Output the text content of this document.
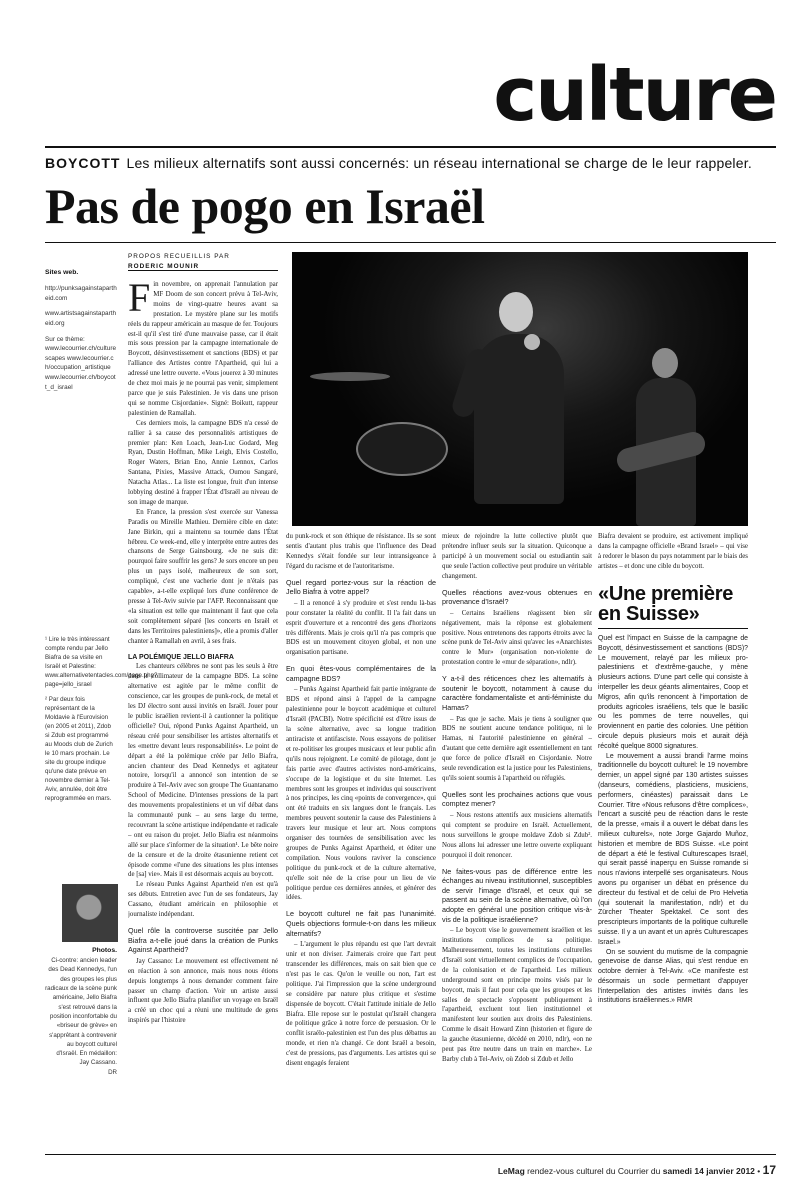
culture
BOYCOTT Les milieux alternatifs sont aussi concernés: un réseau international se charge de le leur rappeler.
Pas de pogo en Israël

Sites web.

http://punksagainstapartheid.com

www.artistsagainstapartheid.org

Sur ce thème:

www.lecourrier.ch/culturescapes www.lecourrier.ch/occupation_artistique www.lecourrier.ch/boycott_d_israel

¹ Lire le très intéressant compte rendu par Jello Biafra de sa visite en Israël et Palestine: www.alternativetentacles.com/page.php?page=jello_israel

² Par deux fois représentant de la Moldavie à l'Eurovision (en 2005 et 2011), Zdob si Zdub est programmé au Moods club de Zurich le 10 mars prochain. Le site du groupe indique qu'une date prévue en novembre dernier à Tel-Aviv, annulée, doit être reprogrammée en mars.

Photos.
Ci-contre: ancien leader des Dead Kennedys, l'un des groupes les plus radicaux de la scène punk américaine, Jello Biafra s'est retrouvé dans la position inconfortable du «briseur de grève» en s'apprêtant à contrevenir au boycott culturel d'Israël. En médaillon: Jay Cassano.
DR
PROPOS RECUEILLIS PAR
RODERIC MOUNIR

Fin novembre, on apprenait l'annulation par MF Doom de son concert prévu à Tel-Aviv, moins de vingt-quatre heures avant sa prestation. Le mystère plane sur les motifs réels du rappeur américain au masque de fer. Toujours est-il qu'il s'est tiré d'une mauvaise passe, car il était mis sous pression par la campagne internationale de Boycott, désinvestissement et sanctions (BDS) et par l'alliance des Artistes contre l'Apartheid, qui lui a adressé une lettre ouverte. «Vous jouerez à 30 minutes de chez moi mais je ne pourrai pas venir, simplement parce que je suis Palestinien. Je vis dans une prison qui se nomme Cisjordanie». Signé: Boikutt, rappeur palestinien de Ramallah.

Ces derniers mois, la campagne BDS n'a cessé de rallier à sa cause des personnalités artistiques de premier plan: Ken Loach, Jean-Luc Godard, Meg Ryan, Dustin Hoffman, Mike Leigh, Elvis Costello, Roger Waters, Brian Eno, Annie Lennox, Carlos Santana, Pixies, Massive Attack, Oumou Sangaré, Natacha Atlas... La liste est longue, fruit d'un intense lobbying destiné à frapper l'État d'Israël au niveau de son image de marque.

En France, la pression s'est exercée sur Vanessa Paradis ou Mireille Mathieu. Dernière cible en date: Jane Birkin, qui a maintenu sa tournée dans l'État hébreu. Ce week-end, elle y interprète entre autres des chansons de Serge Gainsbourg. «Je ne suis dit: pourquoi faire souffrir les gens? Je sors encore un peu plus un pays isolé, malheureux de son sort, compliqué, c'est une vacherie dont je n'étais pas capable», a-t-elle expliqué lors d'une conférence de presse à Tel-Aviv suivie par l'AFP. Reconnaissant que «la situation est telle que maintenant il faut que cela soit complètement séparé [les concerts en Israël et dans les Territoires palestiniens]», elle a promis d'aller chanter à Ramallah en avril, à ses frais.

LA POLÉMIQUE JELLO BIAFRA

Les chanteurs célèbres ne sont pas les seuls à être dans le collimateur de la campagne BDS. La scène alternative est agitée par le même conflit de conscience, car les groupes de punk-rock, de metal et les DJ électro sont aussi invités en Israël. Jouer pour le public israélien revient-il à cautionner la politique officielle? Oui, répond Punks Against Apartheid, un réseau créé pour sensibiliser les artistes alternatifs et les «mettre devant leurs responsabilités». Le point de départ a été la polémique créée par Jello Biafra, ancien chanteur des Dead Kennedys et agitateur notoire, lorsqu'il a annoncé son intention de se produire à Tel-Aviv avec son groupe The Guantanamo School of Medicine. D'intenses pressions de la part des mouvements propalestiniens et un vif débat dans la communauté punk – au sens large du terme, recouvrant la scène artistique indépendante et radicale – ont eu raison du projet. Jello Biafra est néanmoins allé sur place s'informer de la situation¹. Le bête noire de la censure et de la droite étasunienne retient cet épisode comme «l'une des situations les plus intenses de [sa] vie». Mais il est désormais acquis au boycott.

Le réseau Punks Against Apartheid n'en est qu'à ses débuts. Entretien avec l'un de ses fondateurs, Jay Cassano, étudiant américain en philosophie et journaliste indépendant.

Quel rôle la controverse suscitée par Jello Biafra a-t-elle joué dans la création de Punks Against Apartheid?

Jay Cassano: Le mouvement est effectivement né en réaction à son annonce, mais nous nous étions depuis longtemps à nous demander comment faire passer un champ d'action. Voir un artiste aussi influent que Jello Biafra planifier un voyage en Israël a créé un choc qui a réuni une multitude de gens inspirés par l'histoire

du punk-rock et son éthique de résistance. Ils se sont sentis d'autant plus trahis que l'influence des Dead Kennedys s'était fondée sur leur intransigeance à l'égard du racisme et de l'autoritarisme.

Quel regard portez-vous sur la réaction de Jello Biafra à votre appel?

– Il a renoncé à s'y produire et s'est rendu là-bas pour constater la réalité du conflit. Il l'a fait dans un esprit d'ouverture et a rencontré des gens d'horizons très différents. Mais je crois qu'il n'a pas compris que BDS est un mouvement citoyen global, et non une organisation partisane.

En quoi êtes-vous complémentaires de la campagne BDS?

– Punks Against Apartheid fait partie intégrante de BDS et répond ainsi à l'appel de la campagne palestinienne pour le boycott académique et culturel d'Israël (PACBI). Notre spécificité est d'être issus de la scène alternative, avec sa longue tradition antiraciste et antifasciste. Nous essayons de politiser et re-politiser les groupes musicaux et leur public afin qu'ils nous rejoignent. Le comité de pilotage, dont je fais partie avec d'autres activistes nord-américains, s'occupe de la logistique et du site Internet. Les membres sont les groupes et individus qui souscrivent à nos principes, les cinq «points de convergence», qui ont été traduits en six langues dont le français. Les membres peuvent soutenir la cause des Palestiniens à travers leur musique et leur art. Nous comptons organiser des tournées de sensibilisation avec les groupes de Punks Against Apartheid, et éditer une compilation. Nous voulons raviver la conscience politique du punk-rock et de la culture alternative, qu'elle soit née de la crise pour un lieu de vie politique perdue ces dernières années, et générer des idées.

Le boycott culturel ne fait pas l'unanimité. Quels objections formule-t-on dans les milieux alternatifs?

– L'argument le plus répandu est que l'art devrait unir et non diviser. J'aimerais croire que l'art peut transcender les différences, mais on sait bien que ce n'est pas le cas. Qu'on le veuille ou non, l'art est politique. J'ai l'impression que la scène underground se considère par nature plus critique et s'estime dispensée de boycott. C'était l'attitude initiale de Jello Biafra. Elle repose sur le postulat qu'Israël changera de politique grâce à notre force de persuasion. Or le conflit israélo-palestinien est l'un des plus débattus au monde, et rien n'a changé. Ce dont Israël a besoin, c'est de pressions, pas d'arguments. Les artistes qui se disent engagés feraient

mieux de rejoindre la lutte collective plutôt que prétendre influer seuls sur la situation. Quiconque a participé à un mouvement social ou estudiantin sait que seule l'action collective peut produire un véritable changement.

Quelles réactions avez-vous obtenues en provenance d'Israël?

– Certains Israéliens réagissent bien sûr négativement, mais la réponse est globalement positive. Nous entretenons des rapports étroits avec la scène punk de Tel-Aviv ainsi qu'avec les «Anarchistes contre le Mur» (organisation non-violente de protestation contre le «mur de séparation», ndlr).

Y a-t-il des réticences chez les alternatifs à soutenir le boycott, notamment à cause du caractère fondamentaliste et anti-féministe du Hamas?

– Pas que je sache. Mais je tiens à souligner que BDS ne soutient aucune tendance politique, ni le Hamas, ni l'autorité palestinienne en général – d'autant que cette dernière agit essentiellement en tant que force de police d'Israël en Cisjordanie. Notre seule revendication est la justice pour les Palestiniens, qu'ils soient soumis à l'apartheid ou réfugiés.

Quelles sont les prochaines actions que vous comptez mener?

– Nous restons attentifs aux musiciens alternatifs qui comptent se produire en Israël. Actuellement, nous surveillons le groupe moldave Zdob si Zdub². Nous allons lui adresser une lettre ouverte expliquant pourquoi il doit renoncer.

Ne faites-vous pas de différence entre les échanges au niveau institutionnel, susceptibles de servir l'image d'Israël, et ceux qui se passent au sein de la scène alternative, où l'on adopte en général une position critique vis-à-vis de la politique israélienne?

– Le boycott vise le gouvernement israélien et les institutions complices de sa politique. Malheureusement, toutes les institutions culturelles d'Israël sont virtuellement complices de l'occupation, de la colonisation et de l'apartheid. Les milieux underground sont en principe moins visés par le boycott, mais il faut pour cela que les groupes et les salles de spectacle s'opposent publiquement à l'apartheid, excluent tout lien institutionnel et manifestent leur soutien aux droits des Palestiniens. Comme le disait Howard Zinn (historien et figure de la gauche étasunienne, décédé en 2010, ndlr), «on ne peut pas être neutre dans un train en marche». Le Barby club à Tel-Aviv, où Zdob si Zdub et Jello

Biafra devaient se produire, est activement impliqué dans la campagne officielle «Brand Israel» – qui vise à redorer le blason du pays notamment par le biais des artistes – et donc une cible du boycott.

«Une première en Suisse»

Quel est l'impact en Suisse de la campagne de Boycott, désinvestissement et sanctions (BDS)? Le mouvement, relayé par les milieux pro-palestiniens et d'extrême-gauche, y mène plusieurs actions. D'une part celle qui consiste à interpeller les deux géants alimentaires, Coop et Migros, afin qu'ils renoncent à l'importation de produits agricoles israéliens, tels que le basilic ou les pommes de terre nouvelles, qui proviennent en partie des colonies. Une pétition circule depuis plusieurs mois et aurait déjà récolté quelque 8000 signatures.

Le mouvement a aussi brandi l'arme moins traditionnelle du boycott culturel: le 19 novembre dernier, un appel signé par 130 artistes suisses (danseurs, comédiens, plasticiens, musiciens, performers, cinéastes) paraissait dans Le Courrier. Titre «Nous refusons d'être complices», l'encart a suscité peu de réaction dans le reste de la presse, «mais il a ouvert le débat dans les milieux culturels», note Jorge Gajardo Muñoz, historien et membre de BDS Suisse. «Le point de départ a été le festival Culturescapes Israël, qui serait passé inaperçu en Suisse romande si nous n'avions interpellé ses organisateurs. Nous avons pu organiser un débat en présence du directeur du festival et de celui de Pro Helvetia (qui soutenait la manifestation, ndlr) et du Zürcher Theater Spektakel. Ce sont des prescripteurs importants de la politique culturelle suisse. Il y a un avant et un après Culturescapes Israel.»

On se souvient du mutisme de la compagnie genevoise de danse Alias, qui s'est rendue en octobre dernier à Tel-Aviv. «Ce manifeste est désormais un socle permettant d'appuyer l'interpellation des artistes invités dans les institutions israéliennes.» RMR

LeMag rendez-vous culturel du Courrier du samedi 14 janvier 2012 • 17
